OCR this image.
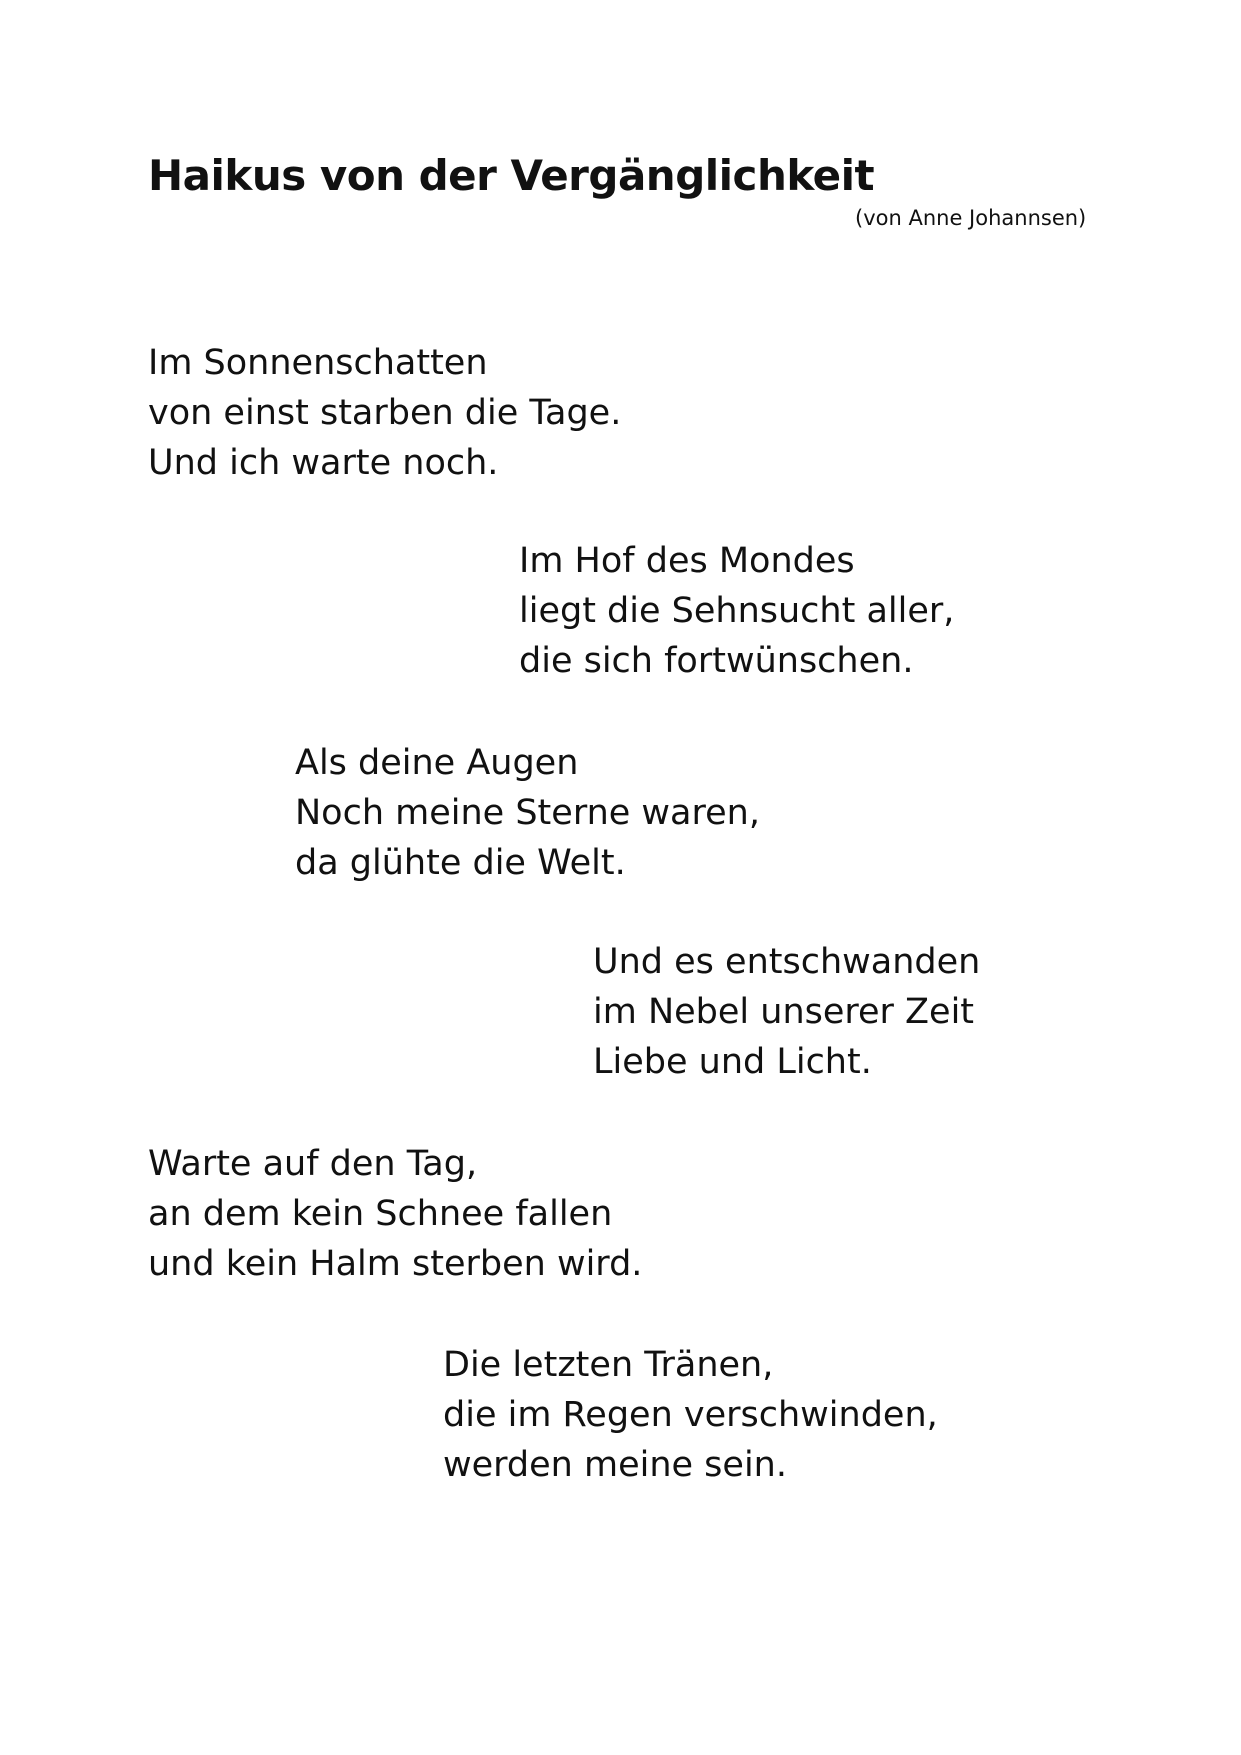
Haikus von der Vergänglichkeit

(von Anne Johannsen)

Im Sonnenschatten
von einst starben die Tage.
Und ich warte noch.
Im Hof des Mondes
liegt die Sehnsucht aller,
die sich fortwünschen.
Als deine Augen
Noch meine Sterne waren,
da glühte die Welt.
Und es entschwanden
im Nebel unserer Zeit
Liebe und Licht.
Warte auf den Tag,
an dem kein Schnee fallen
und kein Halm sterben wird.
Die letzten Tränen,
die im Regen verschwinden,
werden meine sein.
